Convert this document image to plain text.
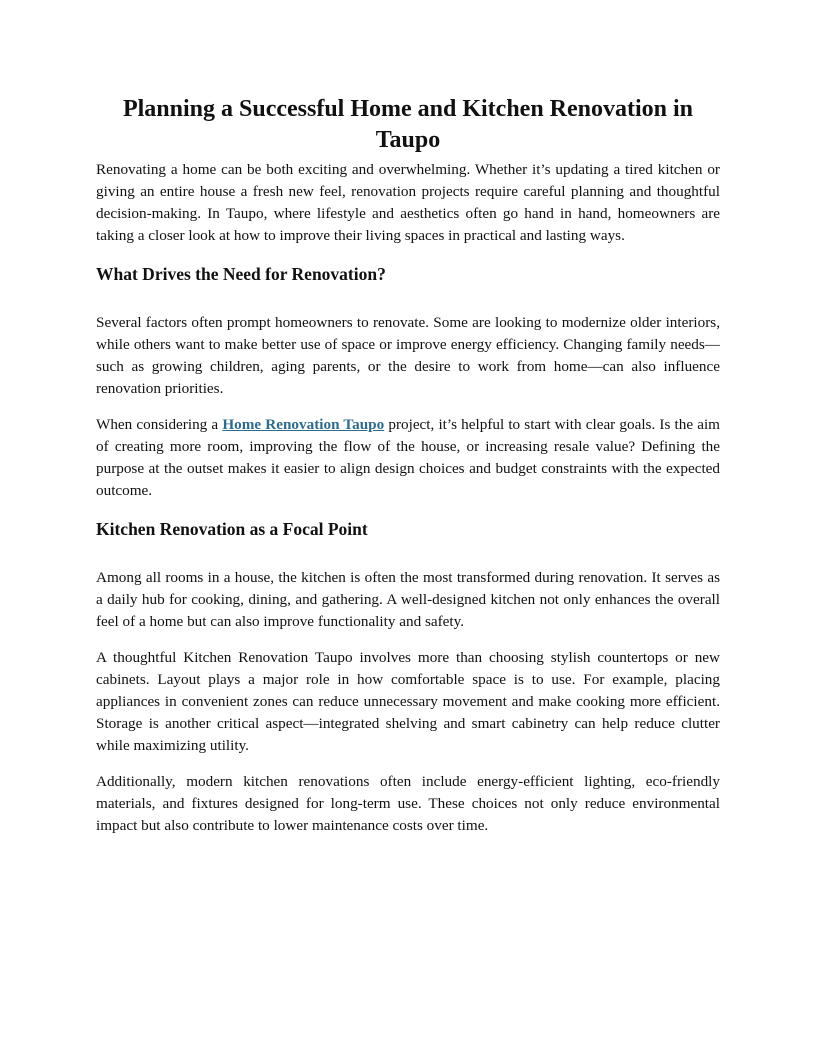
Planning a Successful Home and Kitchen Renovation in Taupo

Renovating a home can be both exciting and overwhelming. Whether it’s updating a tired kitchen or giving an entire house a fresh new feel, renovation projects require careful planning and thoughtful decision-making. In Taupo, where lifestyle and aesthetics often go hand in hand, homeowners are taking a closer look at how to improve their living spaces in practical and lasting ways.

What Drives the Need for Renovation?

Several factors often prompt homeowners to renovate. Some are looking to modernize older interiors, while others want to make better use of space or improve energy efficiency. Changing family needs—such as growing children, aging parents, or the desire to work from home—can also influence renovation priorities.

When considering a Home Renovation Taupo project, it’s helpful to start with clear goals. Is the aim of creating more room, improving the flow of the house, or increasing resale value? Defining the purpose at the outset makes it easier to align design choices and budget constraints with the expected outcome.

Kitchen Renovation as a Focal Point

Among all rooms in a house, the kitchen is often the most transformed during renovation. It serves as a daily hub for cooking, dining, and gathering. A well-designed kitchen not only enhances the overall feel of a home but can also improve functionality and safety.

A thoughtful Kitchen Renovation Taupo involves more than choosing stylish countertops or new cabinets. Layout plays a major role in how comfortable space is to use. For example, placing appliances in convenient zones can reduce unnecessary movement and make cooking more efficient. Storage is another critical aspect—integrated shelving and smart cabinetry can help reduce clutter while maximizing utility.

Additionally, modern kitchen renovations often include energy-efficient lighting, eco-friendly materials, and fixtures designed for long-term use. These choices not only reduce environmental impact but also contribute to lower maintenance costs over time.
